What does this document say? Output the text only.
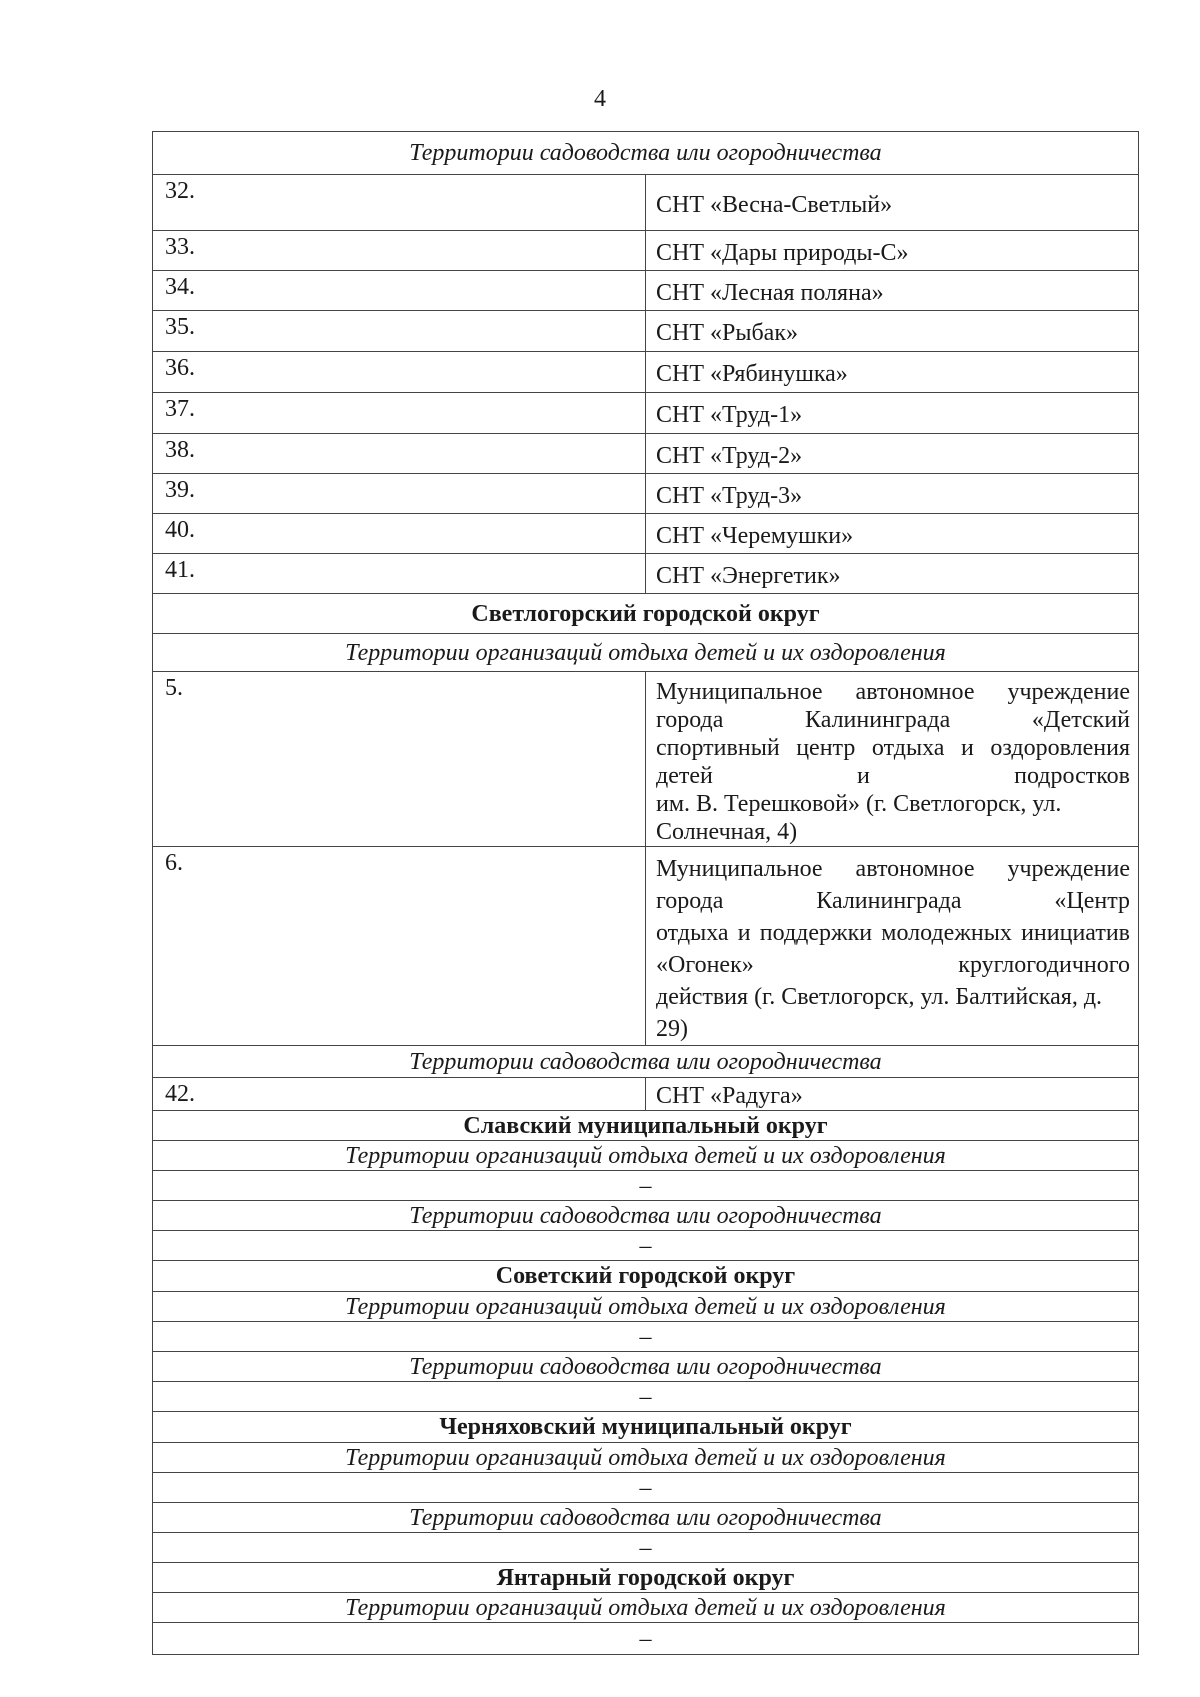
4
Территории садоводства или огородничества	
32.	СНТ «Весна-Светлый»
33.	СНТ «Дары природы-С»
34.	СНТ «Лесная поляна»
35.	СНТ «Рыбак»
36.	СНТ «Рябинушка»
37.	СНТ «Труд-1»
38.	СНТ «Труд-2»
39.	СНТ «Труд-3»
40.	СНТ «Черемушки»
41.	СНТ «Энергетик»
Светлогорский городской округ	
Территории организаций отдыха детей и их оздоровления	
5.	Муниципальное автономное учреждение города Калининграда «Детский
спортивный центр отдыха и оздоровления детей и подростков
им. В. Терешковой» (г. Светлогорск, ул. Солнечная, 4)

6.	Муниципальное автономное учреждение города Калининграда «Центр
отдыха и поддержки молодежных инициатив «Огонек» круглогодичного
действия (г. Светлогорск, ул. Балтийская, д. 29)

Территории садоводства или огородничества	
42.	СНТ «Радуга»
Славский муниципальный округ	
Территории организаций отдыха детей и их оздоровления	
–	
Территории садоводства или огородничества	
–	
Советский городской округ	
Территории организаций отдыха детей и их оздоровления	
–	
Территории садоводства или огородничества	
–	
Черняховский муниципальный округ	
Территории организаций отдыха детей и их оздоровления	
–	
Территории садоводства или огородничества	
–	
Янтарный городской округ	
Территории организаций отдыха детей и их оздоровления	
–	
